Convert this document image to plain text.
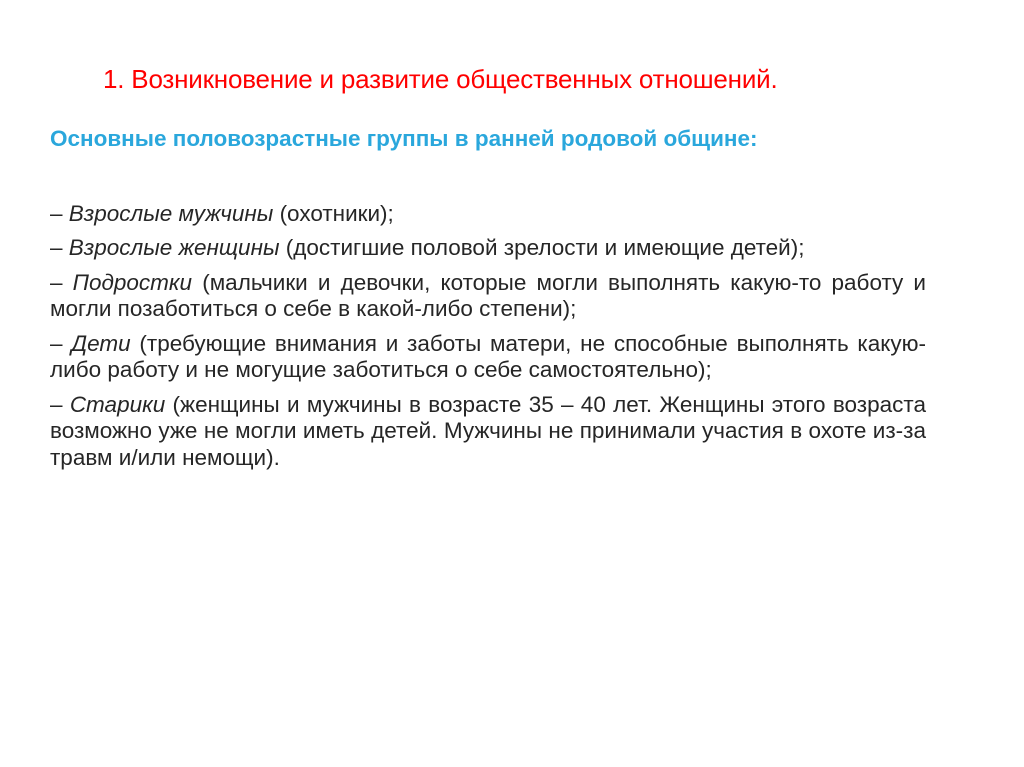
1. Возникновение и развитие общественных отношений.

Основные половозрастные группы в ранней родовой общине:

– Взрослые мужчины (охотники);
– Взрослые женщины (достигшие половой зрелости и имеющие детей);
– Подростки (мальчики и девочки, которые могли выполнять какую-то работу и могли позаботиться о себе в какой-либо степени);
– Дети (требующие внимания и заботы матери, не способные выполнять какую-либо работу и не могущие заботиться о себе самостоятельно);
– Старики (женщины и мужчины в возрасте 35 – 40 лет. Женщины этого возраста возможно уже не могли иметь детей. Мужчины не принимали участия в охоте из-за травм и/или немощи).
